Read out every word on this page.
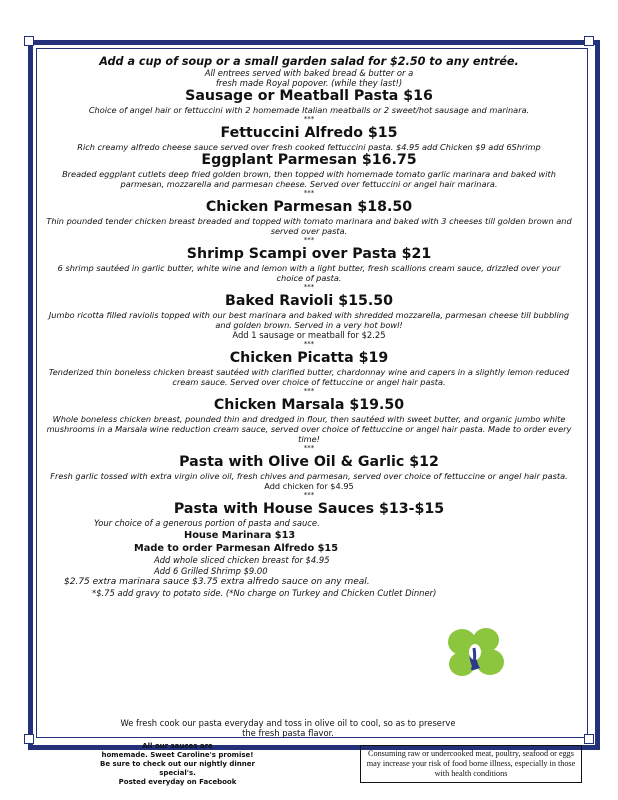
Add a cup of soup or a small garden salad for $2.50 to any entrée.

All entrees served with baked bread & butter or a

fresh made Royal popover. (while they last!)

Sausage or Meatball Pasta $16

Choice of angel hair or fettuccini with 2 homemade Italian meatballs or 2 sweet/hot sausage and marinara.

***

Fettuccini Alfredo $15

Rich creamy alfredo cheese sauce served over fresh cooked fettuccini pasta. $4.95 add Chicken $9 add 6Shrimp

Eggplant Parmesan $16.75

Breaded eggplant cutlets deep fried golden brown, then topped with homemade tomato garlic marinara and baked with parmesan, mozzarella and parmesan cheese. Served over fettuccini or angel hair marinara.

***

Chicken Parmesan $18.50

Thin pounded tender chicken breast breaded and topped with tomato marinara and baked with 3 cheeses till golden brown and served over pasta.

***

Shrimp Scampi over Pasta $21

6 shrimp sautéed in garlic butter, white wine and lemon with a light butter, fresh scallions cream sauce, drizzled over your choice of pasta.

***

Baked Ravioli $15.50

Jumbo ricotta filled raviolis topped with our best marinara and baked with shredded mozzarella, parmesan cheese till bubbling and golden brown. Served in a very hot bowl!

Add 1 sausage or meatball for $2.25

***

Chicken Picatta $19

Tenderized thin boneless chicken breast sautéed with clarified butter, chardonnay wine and capers in a slightly lemon reduced cream sauce. Served over choice of fettuccine or angel hair pasta.

***

Chicken Marsala $19.50

Whole boneless chicken breast, pounded thin and dredged in flour, then sautéed with sweet butter, and organic jumbo white mushrooms in a Marsala wine reduction cream sauce, served over choice of fettuccine or angel hair pasta. Made to order every time!

***

Pasta with Olive Oil & Garlic $12

Fresh garlic tossed with extra virgin olive oil, fresh chives and parmesan, served over choice of fettuccine or angel hair pasta. Add chicken for $4.95

***

Pasta with House Sauces $13-$15

Your choice of a generous portion of pasta and sauce.

House Marinara $13

Made to order Parmesan Alfredo $15

Add whole sliced chicken breast for $4.95

Add 6 Grilled Shrimp $9.00

$2.75 extra marinara sauce $3.75 extra alfredo sauce on any meal.

*$.75 add gravy to potato side. (*No charge on Turkey and Chicken Cutlet Dinner)

We fresh cook our pasta everyday and toss in olive oil to cool, so as to preserve the fresh pasta flavor.
All our sauces are
homemade. Sweet Caroline's promise!
Be sure to check out our nightly dinner special's.
Posted everyday on Facebook
Consuming raw or undercooked meat, poultry, seafood or eggs may increase your risk of food borne illness, especially in those with health conditions
